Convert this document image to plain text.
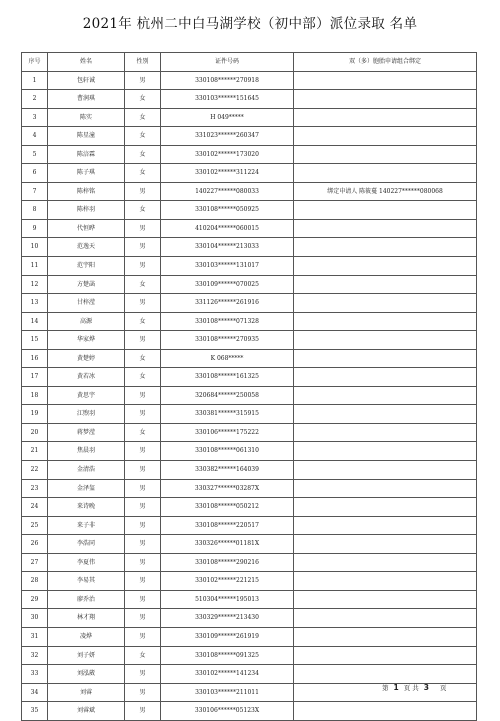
2021年 杭州二中白马湖学校（初中部）派位录取 名单
序号	姓名	性别	证件号码	双（多）胞胎申请组合绑定
1	包轩诚	男	330108******270918	
2	曹润琪	女	330103******151645	
3	陈实	女	H 049*****	
4	陈星潼	女	331023******260347	
5	陈涪霖	女	330102******173020	
6	陈子琪	女	330102******311224	
7	陈梓铭	男	140227******080033	绑定申请人 陈筱蔓 140227******080068
8	陈梓羽	女	330108******050925	
9	代恒晔	男	410204******060015	
10	范逸天	男	330104******213033	
11	范宇阳	男	330103******131017	
12	方楚菡	女	330109******070025	
13	甘梓滢	男	331126******261916	
14	高源	女	330108******071328	
15	华家烨	男	330108******270935	
16	黄楚婷	女	K 068*****	
17	黄若冰	女	330108******161325	
18	黄思宇	男	320684******250058	
19	江煦羽	男	330381******315915	
20	蒋梦滢	女	330106******175222	
21	焦晨羽	男	330108******061310	
22	金清浩	男	330382******164039	
23	金泽玺	男	330327******03287X	
24	来诗晚	男	330108******050212	
25	来子非	男	330108******220517	
26	李浩同	男	330326******01181X	
27	李夏伟	男	330108******290216	
28	李易其	男	330102******221215	
29	廖乔治	男	510304******195013	
30	林才翔	男	330329******213430	
31	凌烨	男	330109******261919	
32	刘子妍	女	330108******091325	
33	刘泓葳	男	330102******141234	
34	刘睿	男	330103******211011	
35	刘睿斌	男	330106******05123X	
第 1 页 共 3 页
